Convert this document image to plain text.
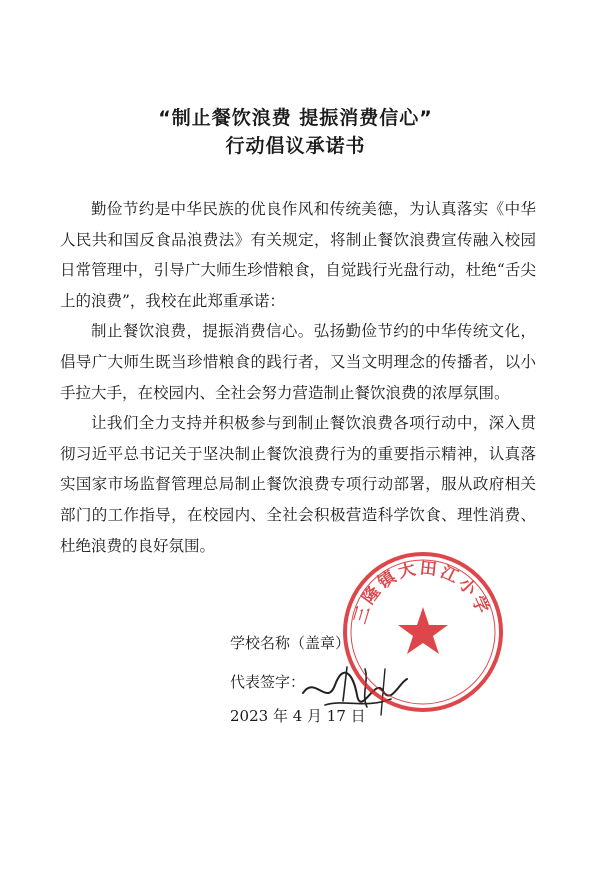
“制止餐饮浪费 提振消费信心”
行动倡议承诺书

勤俭节约是中华民族的优良作风和传统美德，为认真落实《中华人民共和国反食品浪费法》有关规定，将制止餐饮浪费宣传融入校园日常管理中，引导广大师生珍惜粮食，自觉践行光盘行动，杜绝“舌尖上的浪费”，我校在此郑重承诺：

制止餐饮浪费，提振消费信心。弘扬勤俭节约的中华传统文化，倡导广大师生既当珍惜粮食的践行者，又当文明理念的传播者，以小手拉大手，在校园内、全社会努力营造制止餐饮浪费的浓厚氛围。

让我们全力支持并积极参与到制止餐饮浪费各项行动中，深入贯彻习近平总书记关于坚决制止餐饮浪费行为的重要指示精神，认真落实国家市场监督管理总局制止餐饮浪费专项行动部署，服从政府相关部门的工作指导，在校园内、全社会积极营造科学饮食、理性消费、杜绝浪费的良好氛围。

学校名称（盖章）
代表签字：
2023 年 4 月 17 日
三隆镇大田江小学
